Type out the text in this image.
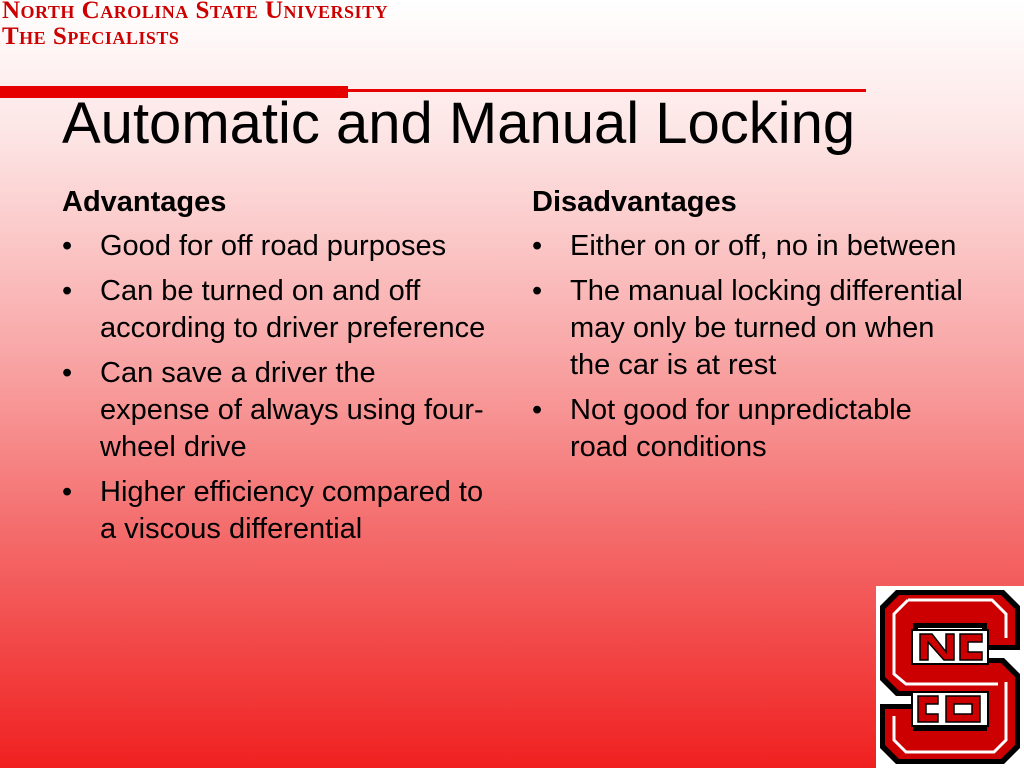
North Carolina State University

The Specialists

Automatic and Manual Locking
Advantages
• Good for off road purposes
• Can be turned on and off according to driver preference
• Can save a driver the expense of always using four-wheel drive
• Higher efficiency compared to a viscous differential
Disadvantages
• Either on or off, no in between
• The manual locking differential may only be turned on when the car is at rest
• Not good for unpredictable road conditions
